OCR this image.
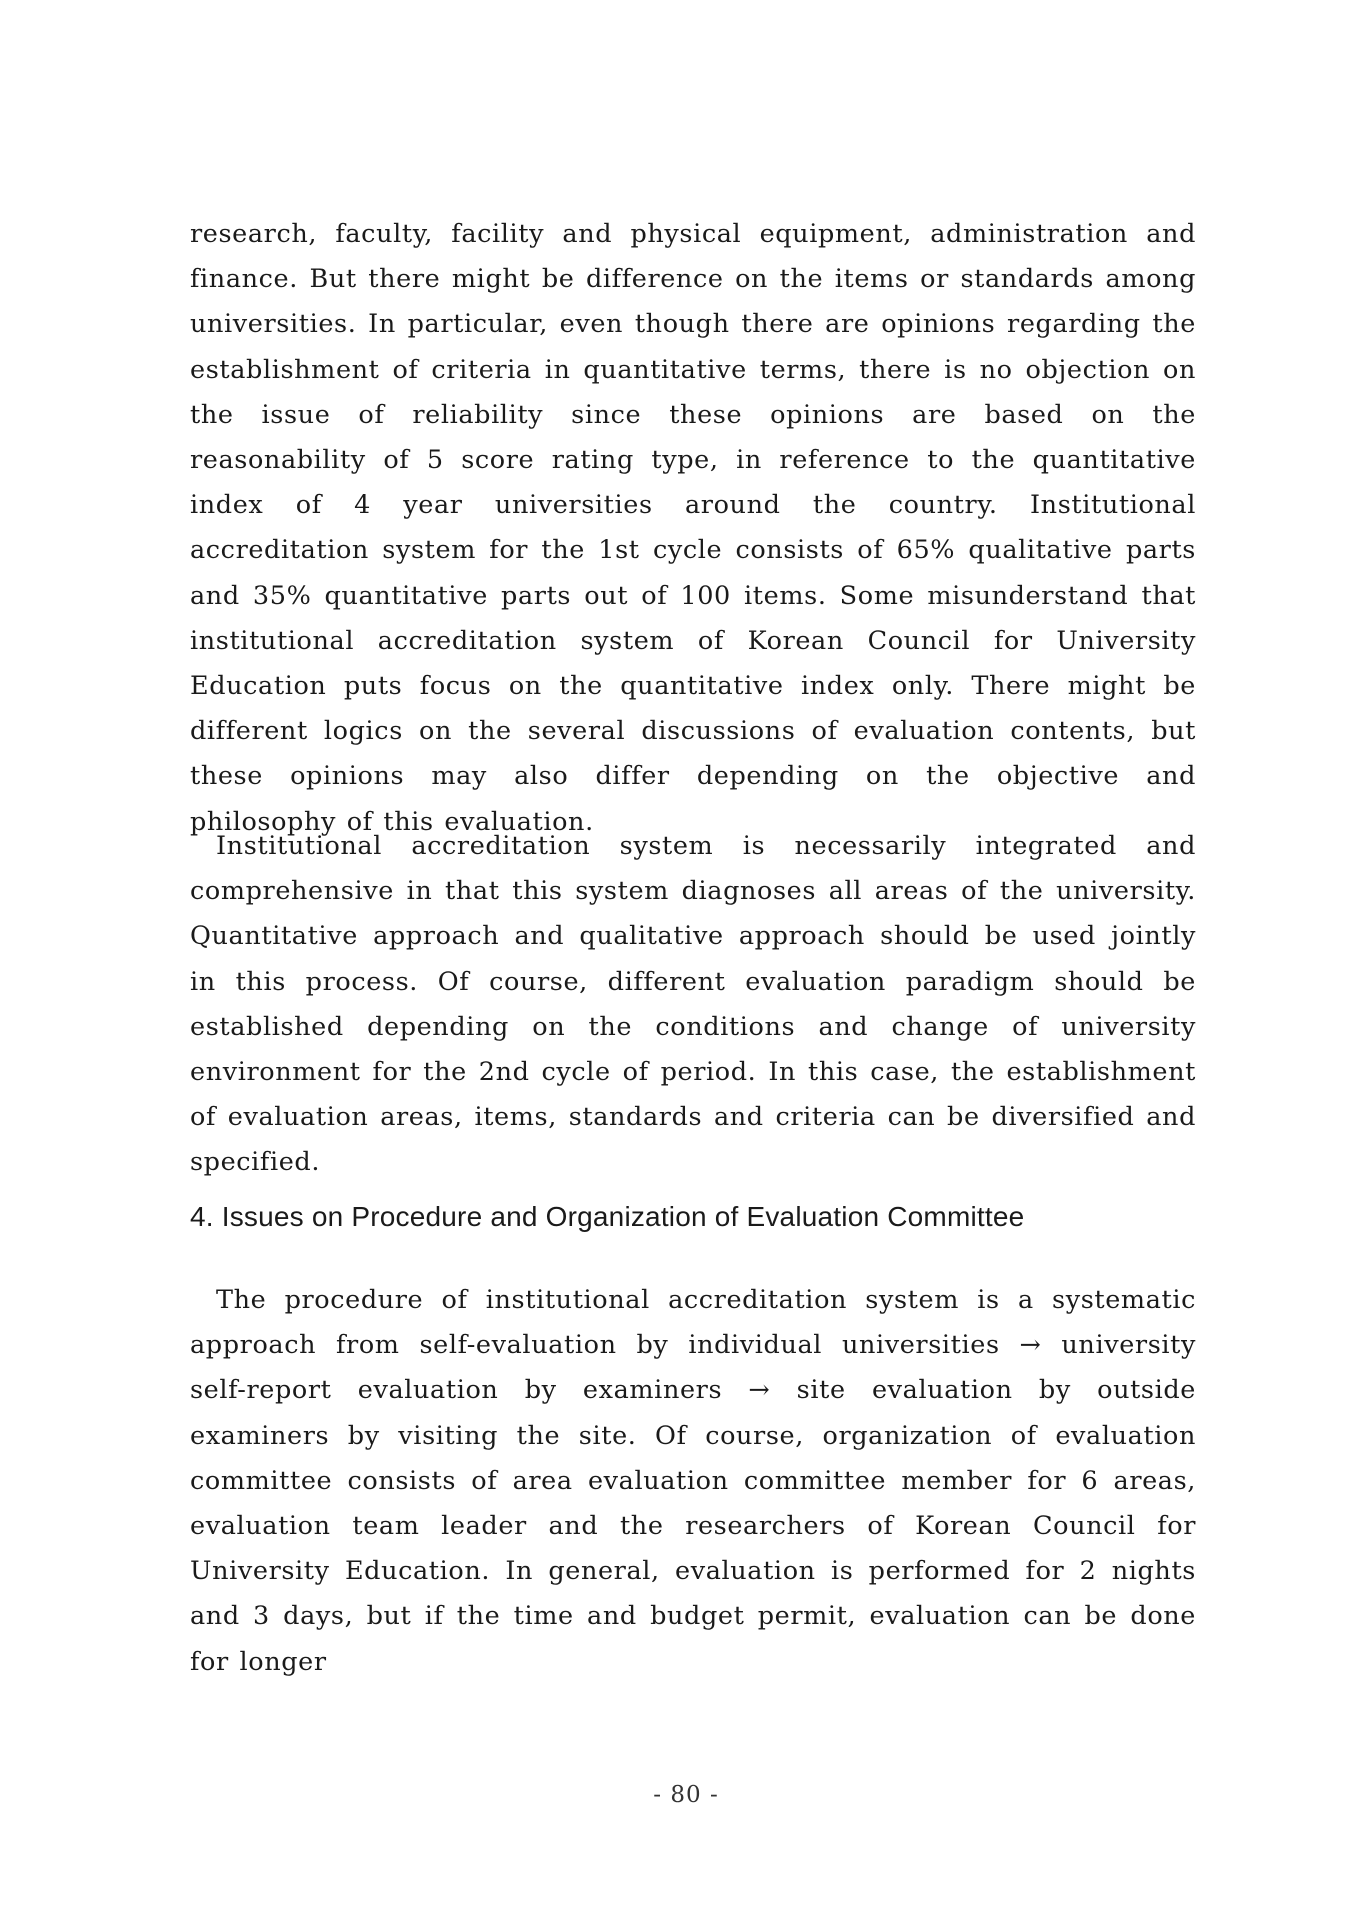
research, faculty, facility and physical equipment, administration and finance. But there might be difference on the items or standards among universities. In particular, even though there are opinions regarding the establishment of criteria in quantitative terms, there is no objection on the issue of reliability since these opinions are based on the reasonability of 5 score rating type, in reference to the quantitative index of 4 year universities around the country. Institutional accreditation system for the 1st cycle consists of 65% qualitative parts and 35% quantitative parts out of 100 items. Some misunderstand that institutional accreditation system of Korean Council for University Education puts focus on the quantitative index only. There might be different logics on the several discussions of evaluation contents, but these opinions may also differ depending on the objective and philosophy of this evaluation.

Institutional accreditation system is necessarily integrated and comprehensive in that this system diagnoses all areas of the university. Quantitative approach and qualitative approach should be used jointly in this process. Of course, different evaluation paradigm should be established depending on the conditions and change of university environment for the 2nd cycle of period. In this case, the establishment of evaluation areas, items, standards and criteria can be diversified and specified.

4. Issues on Procedure and Organization of Evaluation Committee

The procedure of institutional accreditation system is a systematic approach from self-evaluation by individual universities → university self-report evaluation by examiners → site evaluation by outside examiners by visiting the site. Of course, organization of evaluation committee consists of area evaluation committee member for 6 areas, evaluation team leader and the researchers of Korean Council for University Education. In general, evaluation is performed for 2 nights and 3 days, but if the time and budget permit, evaluation can be done for longer

- 80 -
